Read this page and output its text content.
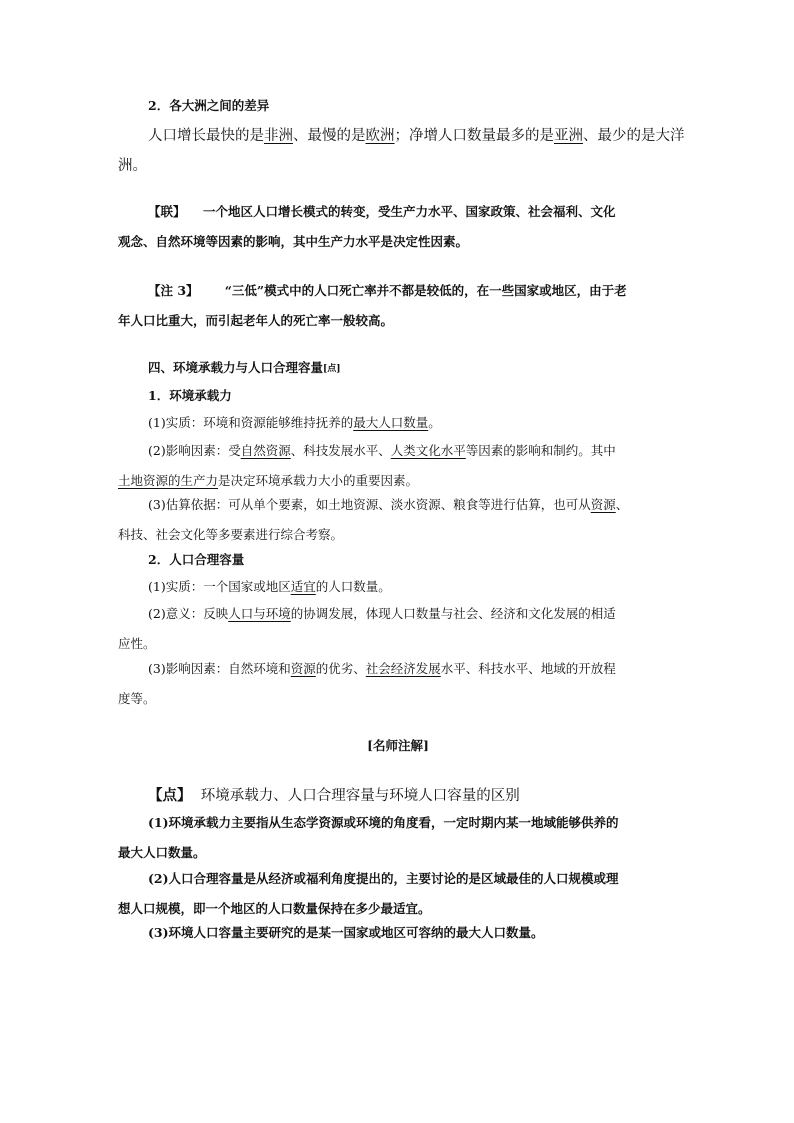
2．各大洲之间的差异
人口增长最快的是非洲、最慢的是欧洲；净增人口数量最多的是亚洲、最少的是大洋
洲。
【联】 一个地区人口增长模式的转变，受生产力水平、国家政策、社会福利、文化
观念、自然环境等因素的影响，其中生产力水平是决定性因素。
【注 3】 “三低”模式中的人口死亡率并不都是较低的，在一些国家或地区，由于老
年人口比重大，而引起老年人的死亡率一般较高。
四、环境承载力与人口合理容量[点]
1．环境承载力
(1)实质：环境和资源能够维持抚养的最大人口数量。
(2)影响因素：受自然资源、科技发展水平、人类文化水平等因素的影响和制约。其中
土地资源的生产力是决定环境承载力大小的重要因素。
(3)估算依据：可从单个要素，如土地资源、淡水资源、粮食等进行估算，也可从资源、
科技、社会文化等多要素进行综合考察。
2．人口合理容量
(1)实质：一个国家或地区适宜的人口数量。
(2)意义：反映人口与环境的协调发展，体现人口数量与社会、经济和文化发展的相适
应性。
(3)影响因素：自然环境和资源的优劣、社会经济发展水平、科技水平、地域的开放程
度等。
[名师注解]
【点】 环境承载力、人口合理容量与环境人口容量的区别
(1)环境承载力主要指从生态学资源或环境的角度看，一定时期内某一地域能够供养的
最大人口数量。
(2)人口合理容量是从经济或福利角度提出的，主要讨论的是区域最佳的人口规模或理
想人口规模，即一个地区的人口数量保持在多少最适宜。
(3)环境人口容量主要研究的是某一国家或地区可容纳的最大人口数量。
